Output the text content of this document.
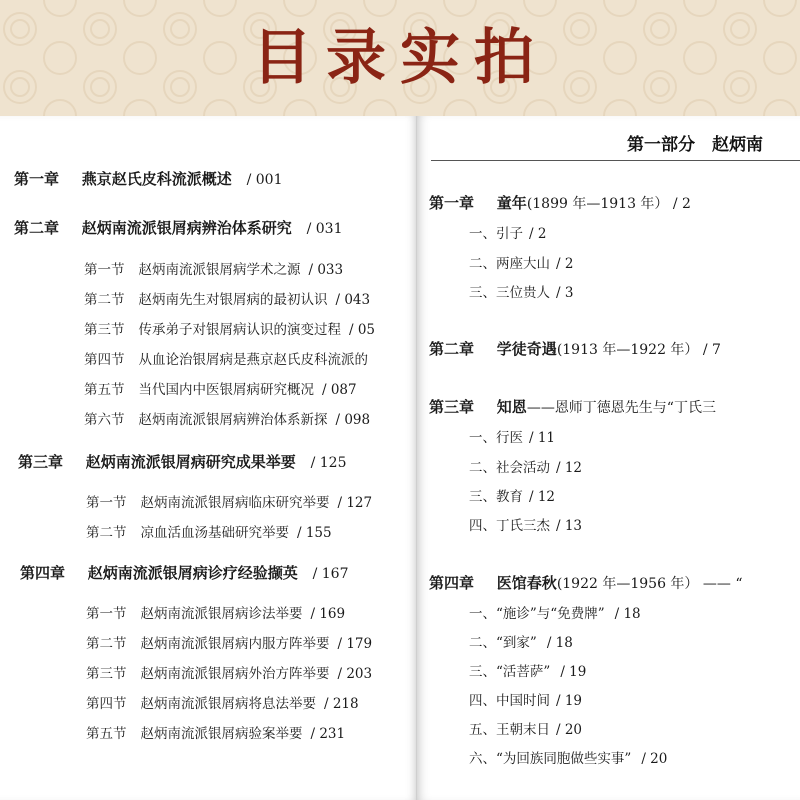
目录实拍
第一章 燕京赵氏皮科流派概述 / 001
第二章 赵炳南流派银屑病辨治体系研究 / 031
第一节 赵炳南流派银屑病学术之源 / 033
第二节 赵炳南先生对银屑病的最初认识 / 043
第三节 传承弟子对银屑病认识的演变过程 / 05
第四节 从血论治银屑病是燕京赵氏皮科流派的
第五节 当代国内中医银屑病研究概况 / 087
第六节 赵炳南流派银屑病辨治体系新探 / 098
第三章 赵炳南流派银屑病研究成果举要 / 125
第一节 赵炳南流派银屑病临床研究举要 / 127
第二节 凉血活血汤基础研究举要 / 155
第四章 赵炳南流派银屑病诊疗经验撷英 / 167
第一节 赵炳南流派银屑病诊法举要 / 169
第二节 赵炳南流派银屑病内服方阵举要 / 179
第三节 赵炳南流派银屑病外治方阵举要 / 203
第四节 赵炳南流派银屑病将息法举要 / 218
第五节 赵炳南流派银屑病验案举要 / 231
第一部分　赵炳南
第一章 童年(1899 年—1913 年） / 2
一、引子 / 2
二、两座大山 / 2
三、三位贵人 / 3
第二章 学徒奇遇(1913 年—1922 年） / 7
第三章 知恩——恩师丁德恩先生与“丁氏三
一、行医 / 11
二、社会活动 / 12
三、教育 / 12
四、丁氏三杰 / 13
第四章 医馆春秋(1922 年—1956 年） —— “
一、“施诊”与“免费牌” / 18
二、“到家” / 18
三、“活菩萨” / 19
四、中国时间 / 19
五、王朝末日 / 20
六、“为回族同胞做些实事” / 20
